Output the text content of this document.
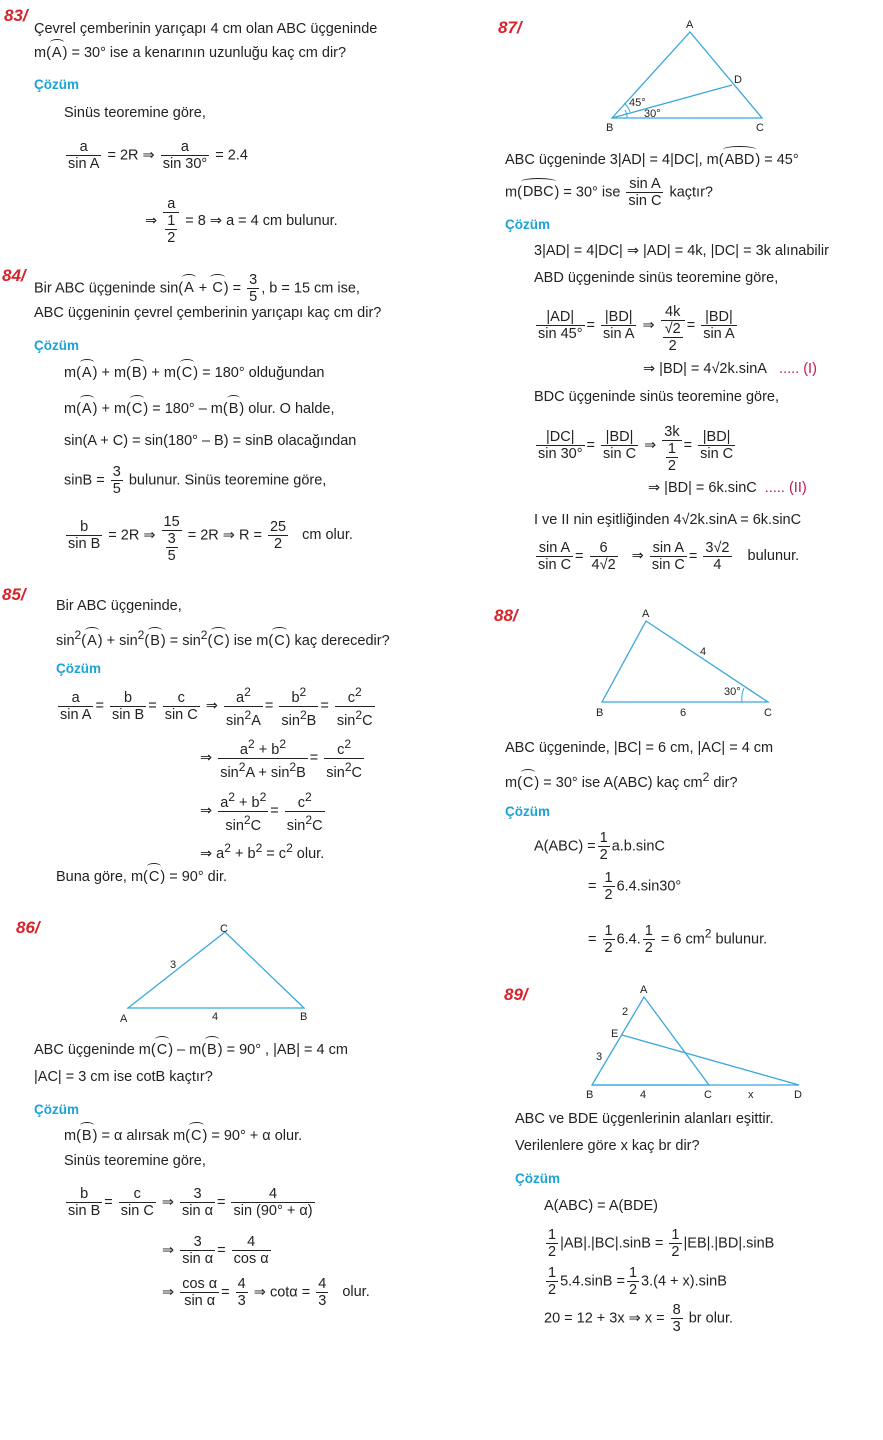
83/
Çevrel çemberinin yarıçapı 4 cm olan ABC üçgeninde
m(A) = 30° ise a kenarının uzunluğu kaç cm dir?
Çözüm
Sinüs teoremine göre,
$\frac{a}{\text{sin A}} = 2R$ ⇒ $\frac{a}{\sin 30^\circ} = 2.4$
⇒ $\frac{a}{\frac{1}{2}} = 8$ ⇒ a = 4 cm bulunur.
84/
Bir ABC üçgeninde $\sin(A + C) = \frac{3}{5}$ , b = 15 cm ise,
ABC üçgeninin çevrel çemberinin yarıçapı kaç cm dir?
Çözüm
m(A) + m(B) + m(C) = 180° olduğundan
m(A) + m(C) = 180° – m(B) olur. O halde,
sin(A + C) = sin(180° – B) = sinB olacağından
$\sin B = \frac{3}{5}$ bulunur. Sinüs teoremine göre,
$\frac{b}{\text{sin B}} = 2R$ ⇒ $\frac{15}{\frac{3}{5}} = 2R$ ⇒ $R = \frac{25}{2}$ cm olur.
85/
Bir ABC üçgeninde,
$\sin^2(A) + \sin^2(B) = \sin^2(C)$ ise m(C) kaç derecedir?
Çözüm
$\frac{a}{\text{sin A}} = \frac{b}{\text{sin B}} = \frac{c}{\text{sin C}}$ ⇒ $\frac{a^2}{\sin^2A} = \frac{b^2}{\sin^2B} = \frac{c^2}{\sin^2C}$
⇒ $\frac{a^2 + b^2}{\sin^2A + \sin^2B} = \frac{c^2}{\sin^2C}$
⇒ $\frac{a^2 + b^2}{\sin^2C} = \frac{c^2}{\sin^2C}$
⇒ $a^2 + b^2 = c^2$ olur.
Buna göre, m(C) = 90° dir.
86/
A	B
C
3
4
ABC üçgeninde m(C) – m(B) = 90° , |AB| = 4 cm
|AC| = 3 cm ise cotB kaçtır?
Çözüm
m(B) = α alırsak m(C) = 90° + α olur.
Sinüs teoremine göre,
$\frac{b}{\text{sin B}} = \frac{c}{\text{sin C}}$ ⇒ $\frac{3}{\text{sin α}} = \frac{4}{\sin (90^\circ + \alpha)}$
⇒ $\frac{3}{\text{sin α}} = \frac{4}{\text{cos α}}$
⇒ $\frac{\text{cos α}}{\text{sin α}} = \frac{4}{3}$ ⇒ $\cot\alpha = \frac{4}{3}$ olur.
87/	A
B	C
D
45°
30°
ABC üçgeninde 3|AD| = 4|DC|, m(ABD) = 45°
m(DBC) = 30° ise $\frac{\text{sin A}}{\text{sin C}}$ kaçtır?
Çözüm
3|AD| = 4|DC| ⇒ |AD| = 4k, |DC| = 3k alınabilir
ABD üçgeninde sinüs teoremine göre,
$\frac{|AD|}{\sin 45^\circ} = \frac{|BD|}{\text{sin A}}$ ⇒ $\frac{4k}{\frac{√2}{2}} = \frac{|BD|}{\text{sin A}}$
⇒ |BD| = 4√2k.sinA ..... (I)
BDC üçgeninde sinüs teoremine göre,
$\frac{|DC|}{\sin 30^\circ} = \frac{|BD|}{\text{sin C}}$ ⇒ $\frac{3k}{\frac{1}{2}} = \frac{|BD|}{\text{sin C}}$
⇒ |BD| = 6k.sinC ..... (II)
I ve II nin eşitliğinden 4√2k.sinA = 6k.sinC
$\frac{\text{sin A}}{\text{sin C}} = \frac{6}{4√2}$ ⇒ $\frac{\text{sin A}}{\text{sin C}} = \frac{3√2}{4}$ bulunur.
88/	A
B	C
4
6
30°
ABC üçgeninde, |BC| = 6 cm, |AC| = 4 cm
m(C) = 30° ise A(ABC) kaç $cm^2$ dir?
Çözüm
$A(ABC) = \frac{1}{2} a.b.\sin C$
= $\frac{1}{2} 6.4.\sin 30^\circ$
= $\frac{1}{2} 6.4$. $\frac{1}{2} = 6$ $cm^2$ bulunur.
89/	A
B	C	D
E
2
3
4	x
ABC ve BDE üçgenlerinin alanları eşittir.
Verilenlere göre x kaç br dir?
Çözüm
A(ABC) = A(BDE)
$\frac{1}{2} |AB|.|BC|.\sin B = \frac{1}{2} |EB|.|BD|.\sin B$
$\frac{1}{2} 5.4.\sin B = \frac{1}{2} 3.(4 + x).\sin B$
20 = 12 + 3x ⇒ $x = \frac{8}{3}$ br olur.
